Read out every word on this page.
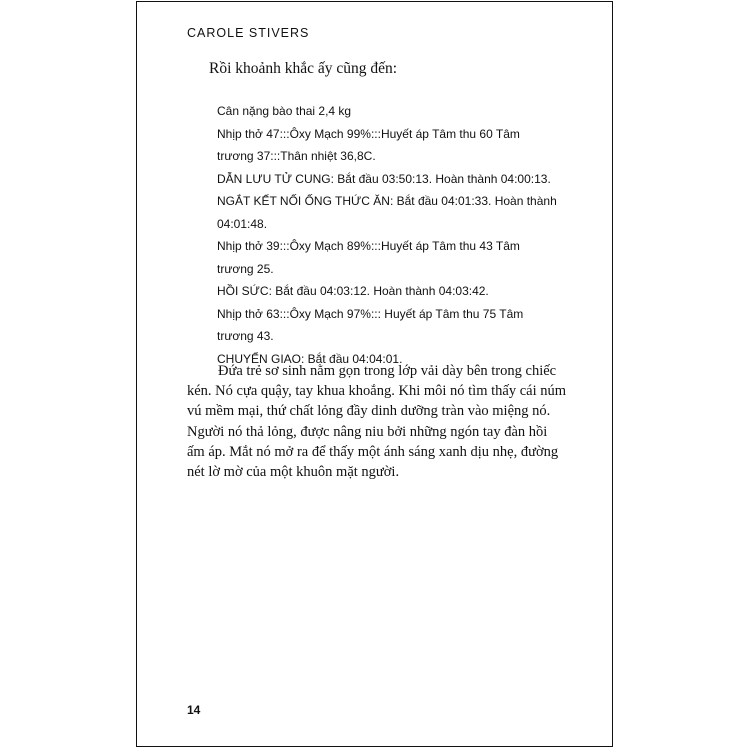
CAROLE STIVERS
Rồi khoảnh khắc ấy cũng đến:
Cân nặng bào thai 2,4 kg
Nhịp thở 47:::Ôxy Mạch 99%:::Huyết áp Tâm thu 60 Tâm
trương 37:::Thân nhiệt 36,8C.
DẪN LƯU TỬ CUNG: Bắt đầu 03:50:13. Hoàn thành 04:00:13.
NGẮT KẾT NỐI ỐNG THỨC ĂN: Bắt đầu 04:01:33. Hoàn thành
04:01:48.
Nhịp thở 39:::Ôxy Mạch 89%:::Huyết áp Tâm thu 43 Tâm
trương 25.
HỒI SỨC: Bắt đầu 04:03:12. Hoàn thành 04:03:42.
Nhịp thở 63:::Ôxy Mạch 97%::: Huyết áp Tâm thu 75 Tâm
trương 43.
CHUYỂN GIAO: Bắt đầu 04:04:01.
Đứa trẻ sơ sinh nằm gọn trong lớp vải dày bên trong chiếc
kén. Nó cựa quậy, tay khua khoắng. Khi môi nó tìm thấy cái núm
vú mềm mại, thứ chất lỏng đầy dinh dưỡng tràn vào miệng nó.
Người nó thả lỏng, được nâng niu bởi những ngón tay đàn hồi
ấm áp. Mắt nó mở ra để thấy một ánh sáng xanh dịu nhẹ, đường
nét lờ mờ của một khuôn mặt người.
14
